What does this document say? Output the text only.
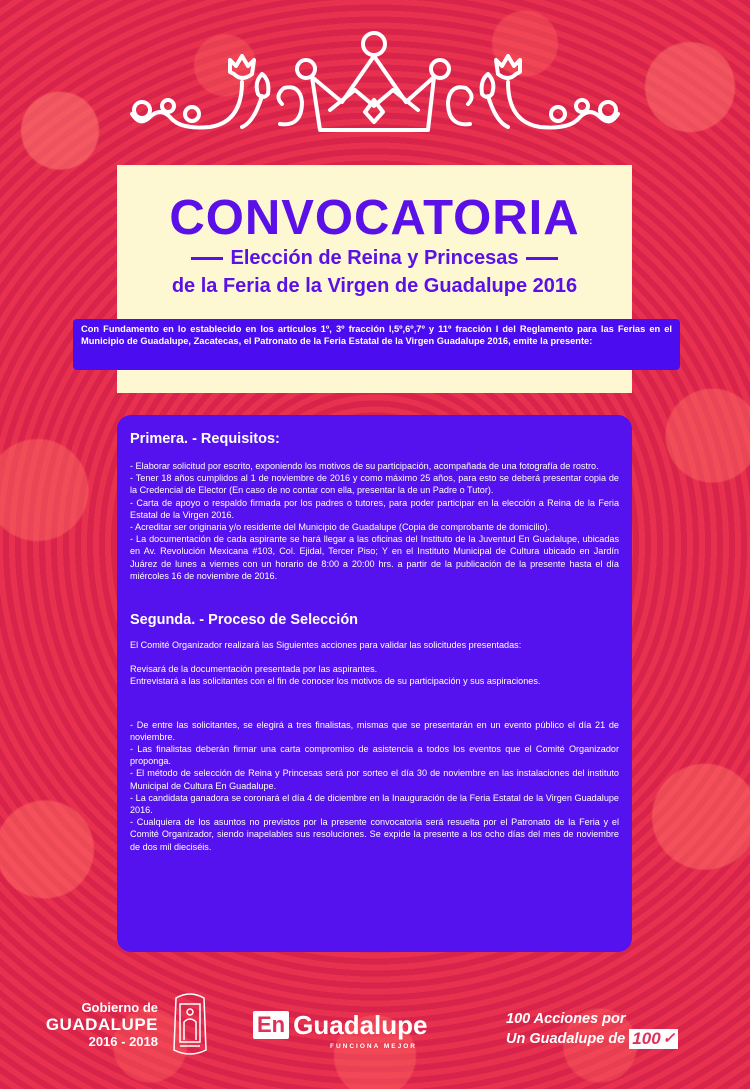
CONVOCATORIA
Elección de Reina y Princesas
de la Feria de la Virgen de Guadalupe 2016
Con Fundamento en lo establecido en los artículos 1º, 3º fracción I,5º,6º,7º y 11º fracción I del Reglamento para las Ferias en el Municipio de Guadalupe, Zacatecas, el Patronato de la Feria Estatal de la Virgen Guadalupe 2016, emite la presente:
Primera. - Requisitos:

- Elaborar solicitud por escrito, exponiendo los motivos de su participación, acompañada de una fotografía de rostro.

- Tener 18 años cumplidos al 1 de noviembre de 2016 y como máximo 25 años, para esto se deberá presentar copia de la Credencial de Elector (En caso de no contar con ella, presentar la de un Padre o Tutor).

- Carta de apoyo o respaldo firmada por los padres o tutores, para poder participar en la elección a Reina de la Feria Estatal de la Virgen 2016.

- Acreditar ser originaria y/o residente del Municipio de Guadalupe (Copia de comprobante de domicilio).

- La documentación de cada aspirante se hará llegar a las oficinas del Instituto de la Juventud En Guadalupe, ubicadas en Av. Revolución Mexicana #103, Col. Ejidal, Tercer Piso; Y en el Instituto Municipal de Cultura ubicado en Jardín Juárez de lunes a viernes con un horario de 8:00 a 20:00 hrs. a partir de la publicación de la presente hasta el día miércoles 16 de noviembre de 2016.

Segunda. - Proceso de Selección

El Comité Organizador realizará las Siguientes acciones para validar las solicitudes presentadas:

Revisará de la documentación presentada por las aspirantes.

Entrevistará a las solicitantes con el fin de conocer los motivos de su participación y sus aspiraciones.

- De entre las solicitantes, se elegirá a tres finalistas, mismas que se presentarán en un evento público el día 21 de noviembre.

- Las finalistas deberán firmar una carta compromiso de asistencia a todos los eventos que el Comité Organizador proponga.

- El método de selección de Reina y Princesas será por sorteo el día 30 de noviembre en las instalaciones del instituto Municipal de Cultura En Guadalupe.

- La candidata ganadora se coronará el día 4 de diciembre en la Inauguración de la Feria Estatal de la Virgen Guadalupe 2016.

- Cualquiera de los asuntos no previstos por la presente convocatoria será resuelta por el Patronato de la Feria y el Comité Organizador, siendo inapelables sus resoluciones. Se expide la presente a los ocho días del mes de noviembre de dos mil dieciséis.

Gobierno de
GUADALUPE
2016 - 2018
En Guadalupe
FUNCIONA MEJOR
100 Acciones por
Un Guadalupe de 100 ✓
